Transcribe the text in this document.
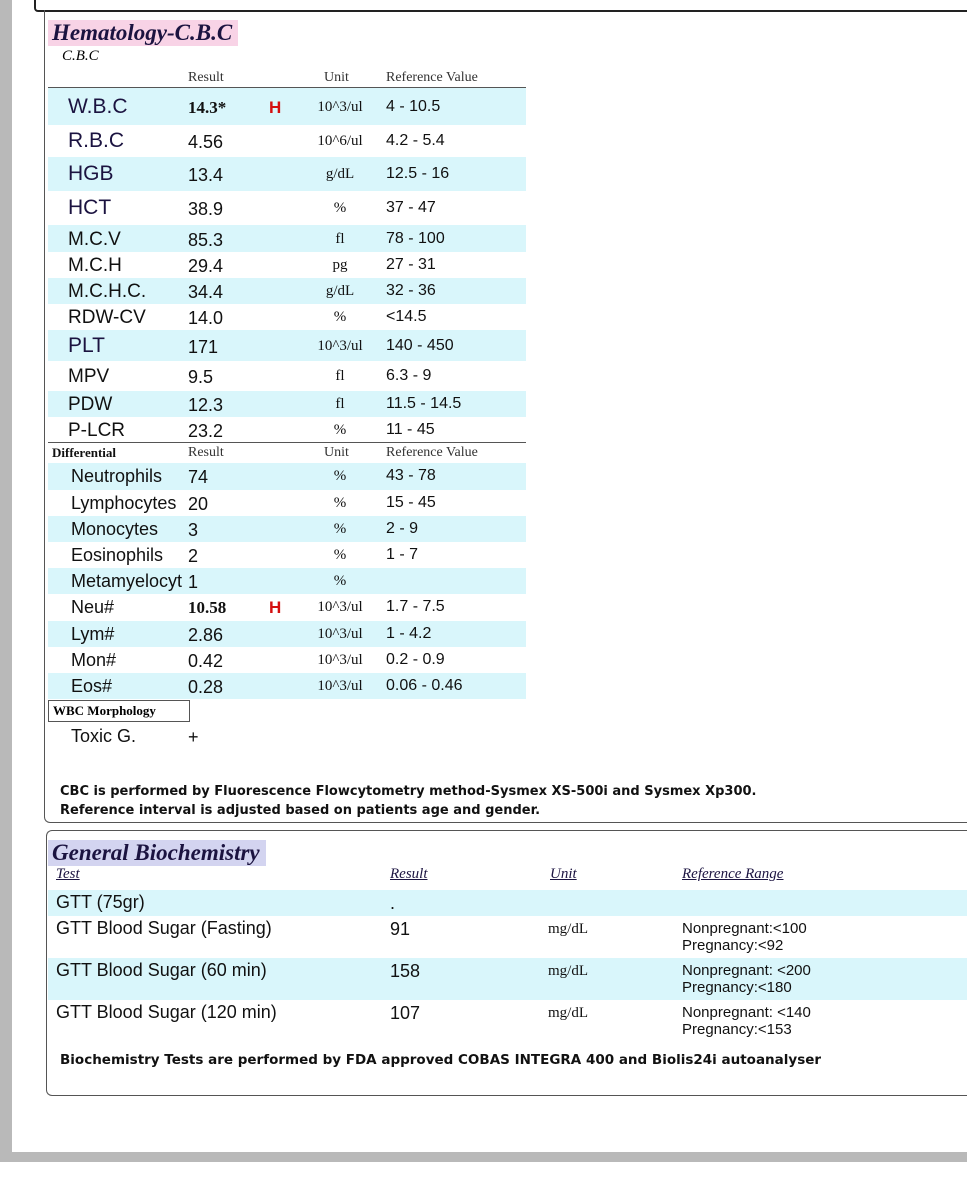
Hematology-C.B.C
C.B.C
Result	Unit	Reference Value
W.B.C	14.3*	H	10^3/ul	4 - 10.5
R.B.C	4.56	10^6/ul	4.2 - 5.4
HGB	13.4	g/dL	12.5 - 16
HCT	38.9	%	37 - 47
M.C.V	85.3	fl	78 - 100
M.C.H	29.4	pg	27 - 31
M.C.H.C. 34.4	g/dL	32 - 36
RDW-CV 14.0	%	<14.5
PLT	171	10^3/ul	140 - 450
MPV	9.5	fl	6.3 - 9
PDW	12.3	fl	11.5 - 14.5
P-LCR	23.2	%	11 - 45
Differential	Result	Unit	Reference Value
Neutrophils 74	%	43 - 78
Lymphocytes 20	%	15 - 45
Monocytes 3	%	2 - 9
Eosinophils 2	%	1 - 7
Metamyelocyt 1	%
Neu#	10.58	H	10^3/ul	1.7 - 7.5
Lym#	2.86	10^3/ul	1 - 4.2
Mon#	0.42	10^3/ul	0.2 - 0.9
Eos#	0.28	10^3/ul	0.06 - 0.46
WBC Morphology
Toxic G.	+
CBC is performed by Fluorescence Flowcytometry method-Sysmex XS-500i and Sysmex Xp300.
Reference interval is adjusted based on patients age and gender.
General Biochemistry
Test	Result	Unit	Reference Range
GTT (75gr)	.
GTT Blood Sugar (Fasting)	91	mg/dL	Nonpregnant:<100
Pregnancy:<92
GTT Blood Sugar (60 min)	158	mg/dL	Nonpregnant: <200
Pregnancy:<180
GTT Blood Sugar (120 min)	107	mg/dL	Nonpregnant: <140
Pregnancy:<153
Biochemistry Tests are performed by FDA approved COBAS INTEGRA 400 and Biolis24i autoanalyser
